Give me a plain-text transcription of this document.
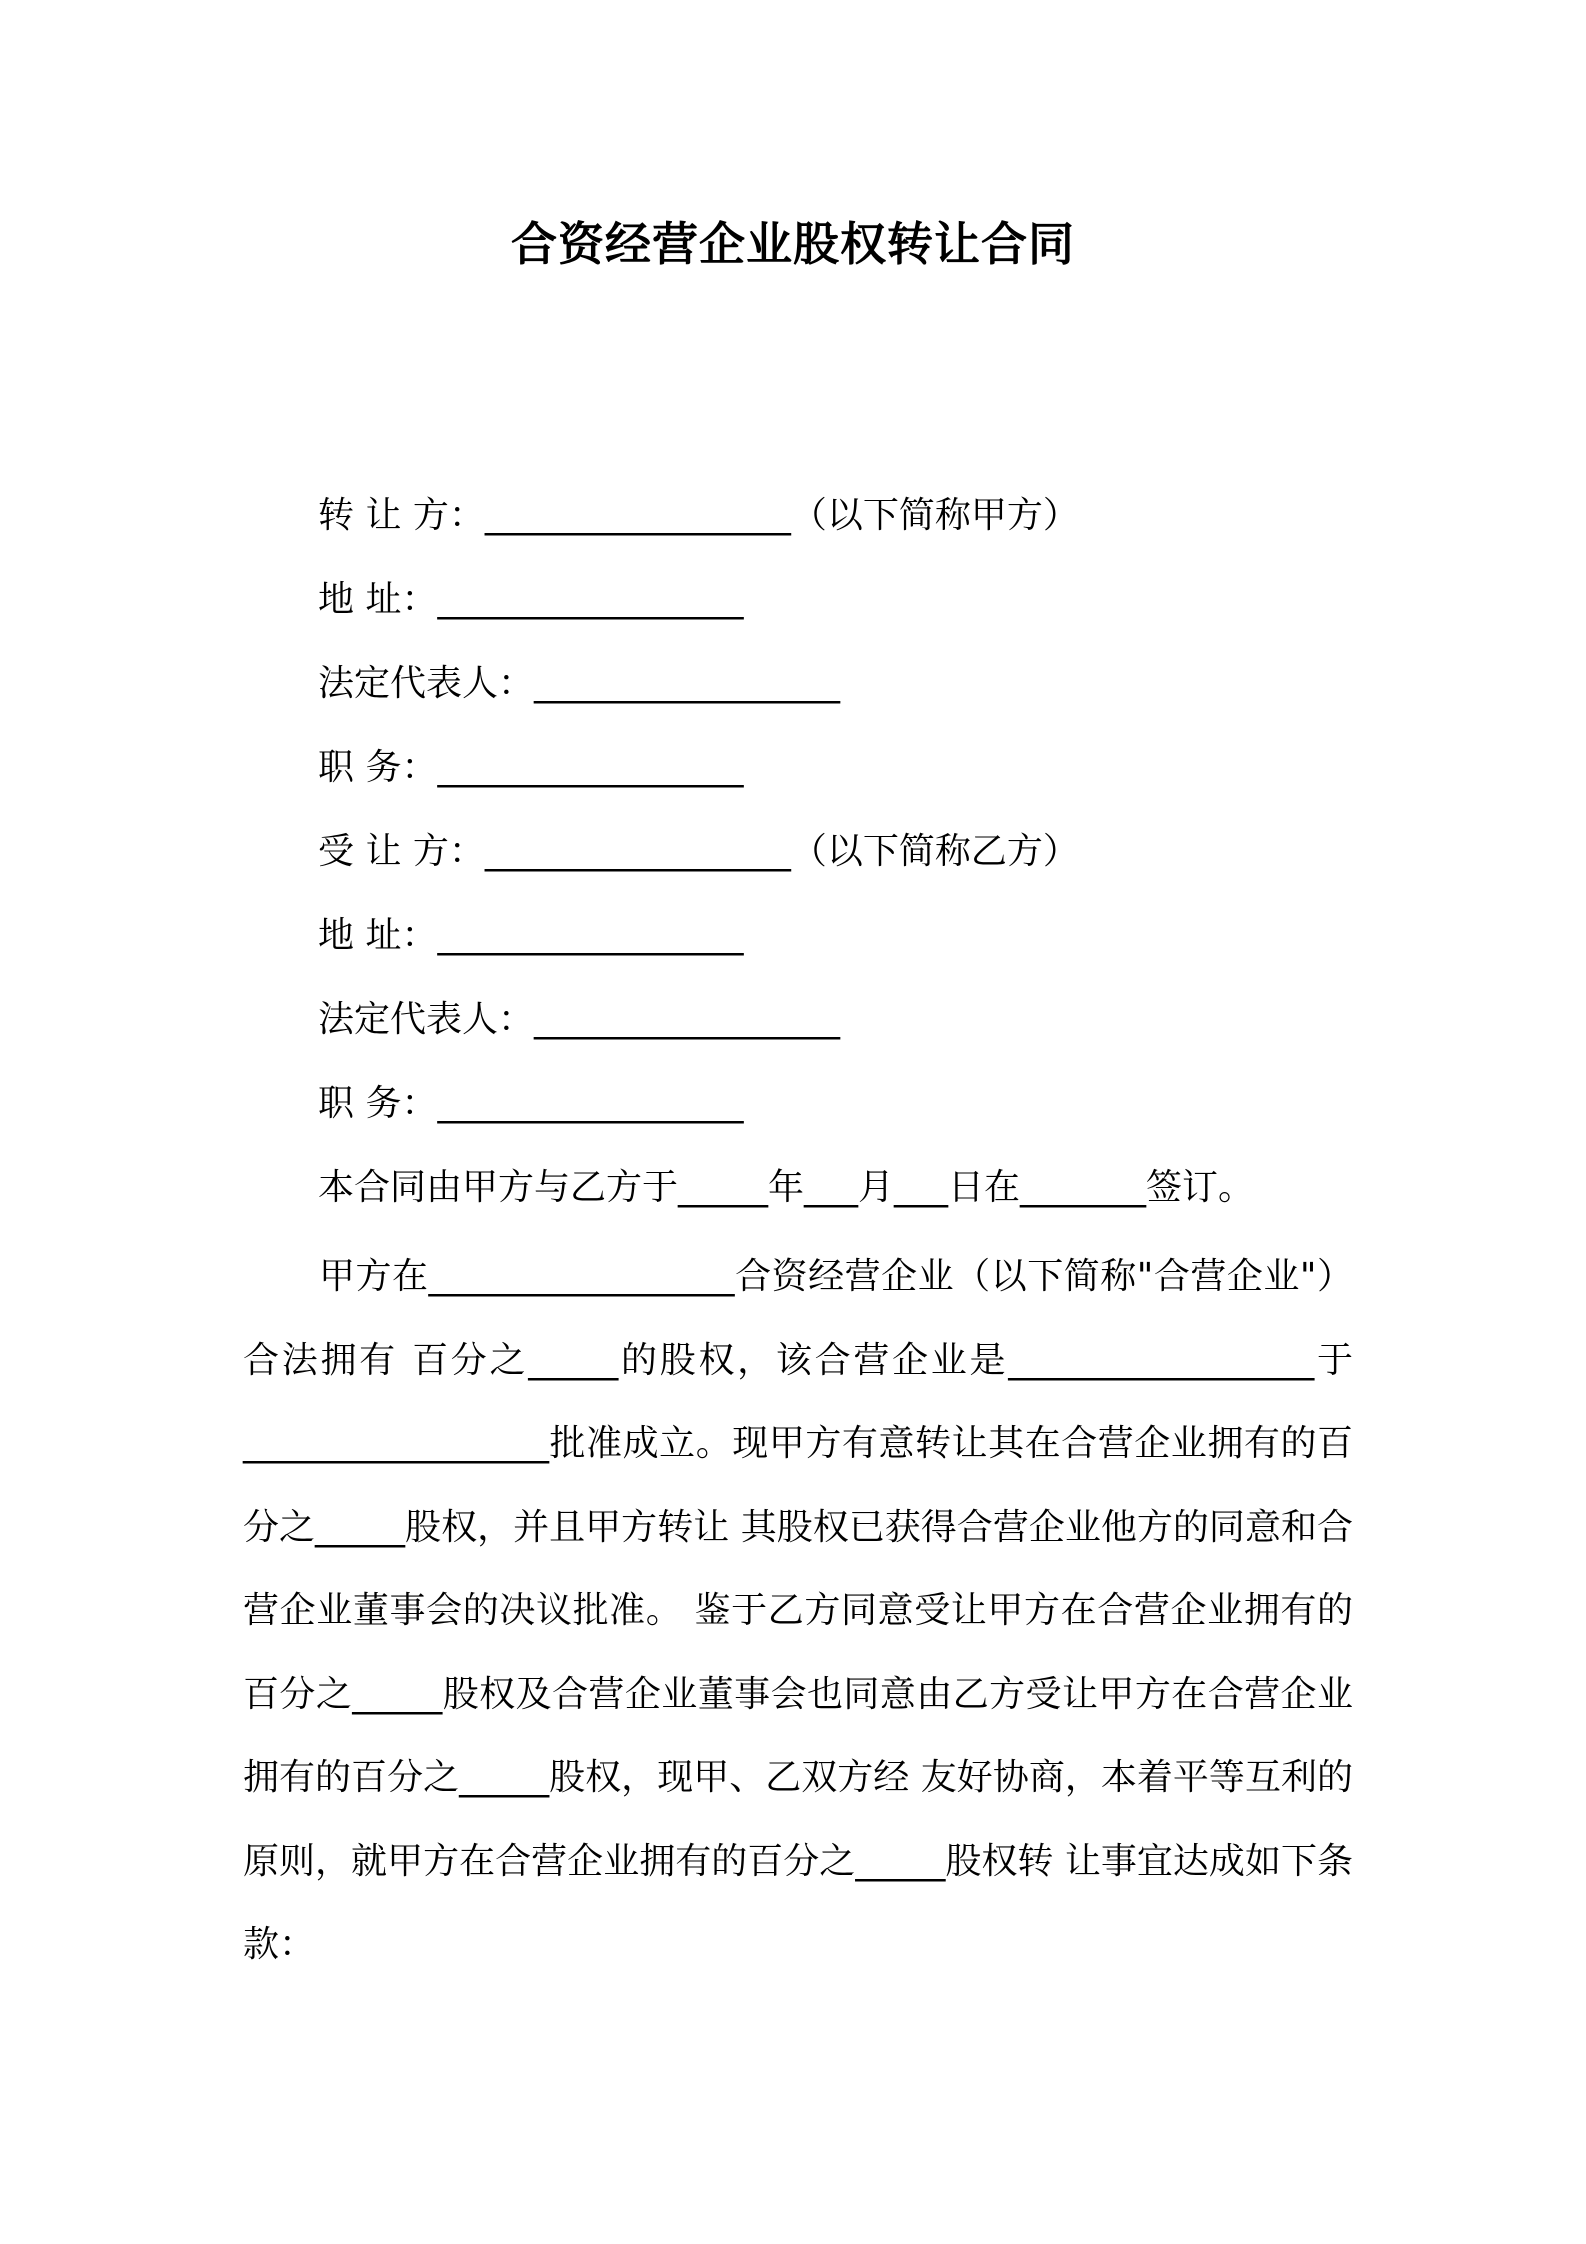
合资经营企业股权转让合同
转 让 方：_________________（以下简称甲方）
地 址：_________________
法定代表人：_________________
职 务：_________________
受 让 方：_________________（以下简称乙方）
地 址：_________________
法定代表人：_________________
职 务：_________________
本合同由甲方与乙方于_____年___月___日在_______签订。
甲方在_________________合资经营企业（以下简称"合营企业"） 合法拥有 百分之_____的股权，该合营企业是_________________于_________________批准成立。现甲方有意转让其在合营企业拥有的百分之_____股权，并且甲方转让 其股权已获得合营企业他方的同意和合营企业董事会的决议批准。 鉴于乙方同意受让甲方在合营企业拥有的百分之_____股权及合营企业董事会也同意由乙方受让甲方在合营企业拥有的百分之_____股权，现甲、乙双方经 友好协商，本着平等互利的原则，就甲方在合营企业拥有的百分之_____股权转 让事宜达成如下条款：
